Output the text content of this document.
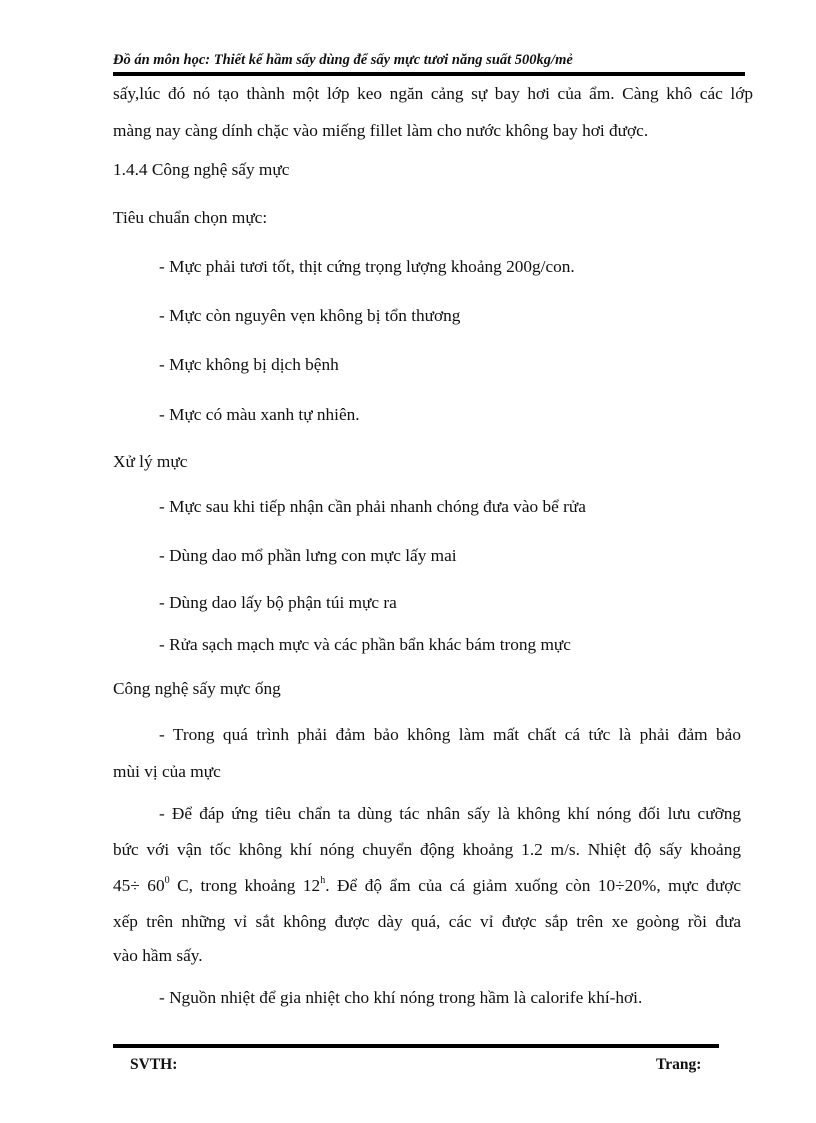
Đồ án môn học: Thiết kế hầm sấy dùng để sấy mực tươi năng suất 500kg/mẻ
sấy,lúc đó nó tạo thành một lớp keo ngăn cảng sự bay hơi của ẩm. Càng khô các lớp
màng nay càng dính chặc vào miếng fillet làm cho nước không bay hơi được.
1.4.4 Công nghệ sấy mực
Tiêu chuẩn chọn mực:
- Mực phải tươi tốt, thịt cứng trọng lượng khoảng 200g/con.
- Mực còn nguyên vẹn không bị tổn thương
- Mực không bị dịch bệnh
- Mực có màu xanh tự nhiên.
Xử lý mực
- Mực sau khi tiếp nhận cần phải nhanh chóng đưa vào bể rửa
- Dùng dao mổ phần lưng con mực lấy mai
- Dùng dao lấy bộ phận túi mực ra
- Rửa sạch mạch mực và các phần bẩn khác bám trong mực
Công nghệ sấy mực ống
- Trong quá trình phải đảm bảo không làm mất chất cá tức là phải đảm bảo
mùi vị của mực
- Để đáp ứng tiêu chẩn ta dùng tác nhân sấy là không khí nóng đối lưu cưỡng
bức với vận tốc không khí nóng chuyển động khoảng 1.2 m/s. Nhiệt độ sấy khoảng
$45\div 60^0$ C, trong khoảng 12$^h$. Để độ ẩm của cá giảm xuống còn 10÷20%, mực được
xếp trên những vỉ sắt không được dày quá, các vỉ được sắp trên xe goòng rồi đưa
vào hầm sấy.
- Nguồn nhiệt để gia nhiệt cho khí nóng trong hầm là calorife khí-hơi.
SVTH:	Trang:
